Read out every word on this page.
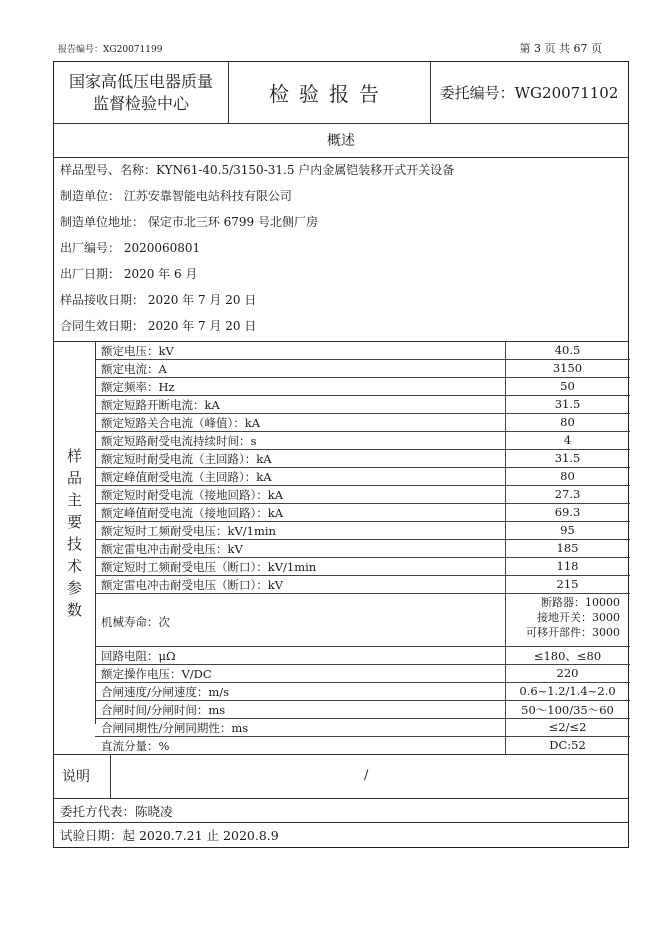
报告编号：XG20071199	第 3 页 共 67 页
国家高低压电器质量
监督检验中心	检验报告	委托编号： WG20071102
概述
样品型号、名称：KYN61-40.5/3150-31.5 户内金属铠装移开式开关设备
制造单位： 江苏安靠智能电站科技有限公司
制造单位地址： 保定市北三环 6799 号北侧厂房
出厂编号： 2020060801
出厂日期： 2020 年 6 月
样品接收日期： 2020 年 7 月 20 日
合同生效日期： 2020 年 7 月 20 日
样
品
主
要
技
术
参
数
额定电压：kV	40.5
额定电流：A	3150
额定频率：Hz	50
额定短路开断电流：kA	31.5
额定短路关合电流（峰值）：kA	80
额定短路耐受电流持续时间：s	4
额定短时耐受电流（主回路）：kA	31.5
额定峰值耐受电流（主回路）：kA	80
额定短时耐受电流（接地回路）：kA	27.3
额定峰值耐受电流（接地回路）：kA	69.3
额定短时工频耐受电压：kV/1min	95
额定雷电冲击耐受电压：kV	185
额定短时工频耐受电压（断口）：kV/1min	118
额定雷电冲击耐受电压（断口）：kV	215
机械寿命：次
断路器：10000
接地开关：3000
可移开部件：3000
回路电阻：μΩ	≤180、≤80
额定操作电压：V/DC	220
合闸速度/分闸速度：m/s	0.6~1.2/1.4~2.0
合闸时间/分闸时间：ms	50～100/35～60
合闸同期性/分闸同期性：ms	≤2/≤2
直流分量：%	DC:52
说明	/
委托方代表：陈晓凌
试验日期：起 2020.7.21 止 2020.8.9
